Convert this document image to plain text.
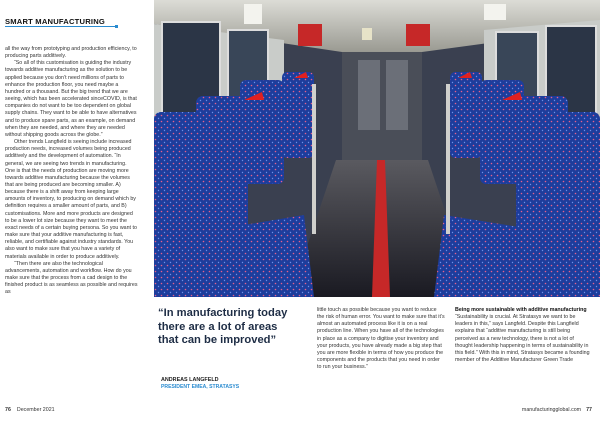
SMART MANUFACTURING

all the way from prototyping and production efficiency, to producing parts additively.

“So all of this customisation is guiding the industry towards additive manufacturing as the solution to be applied because you don’t need millions of parts to enhance the production floor, you need maybe a hundred or a thousand. But the big trend that we are seeing, which has been accelerated sinceCOVID, is that companies do not want to be too dependent on global supply chains. They want to be able to have alternatives and to produce spare parts, as an example, on demand when they are needed, and where they are needed without shipping goods across the globe.”

Other trends Langfield is seeing include increased production needs, increased volumes being produced additively and the development of automation. “In general, we are seeing two trends in manufacturing. One is that the needs of production are moving more towards additive manufacturing because the volumes that are being produced are becoming smaller. A) because there is a shift away from keeping large amounts of inventory, to producing on demand which by definition requires a smaller amount of parts, and B) customisations. More and more products are designed to be a lower lot size because they want to meet the exact needs of a certain buying persona. So you want to make sure that your additive manufacturing is fast, reliable, and certifiable against industry standards. You also want to make sure that you have a variety of materials available in order to produce additively.

“Then there are also the technological advancements, automation and workflow. How do you make sure that the process from a cad design to the finished product is as seamless as possible and requires as

“In manufacturing today there are a lot of areas that can be improved”
ANDREAS LANGFELD
PRESIDENT EMEA, STRATASYS

little touch as possible because you want to reduce the risk of human error. You want to make sure that it’s almost an automated process like it is on a real production line. When you have all of the technologies in place as a company to digitise your inventory and your products, you have already made a big step that you are more flexible in terms of how you produce the components and the products that you need in order to run your business.”

Being more sustainable with additive manufacturing

“Sustainability is crucial. At Stratasys we want to be leaders in this,” says Langfeld. Despite this Langfield explains that “additive manufacturing is still being perceived as a new technology, there is not a lot of thought leadership happening in terms of sustainability in this field.” With this in mind, Stratasys became a founding member of the Additive Manufacturer Green Trade

76 December 2021	manufacturingglobal.com 77
